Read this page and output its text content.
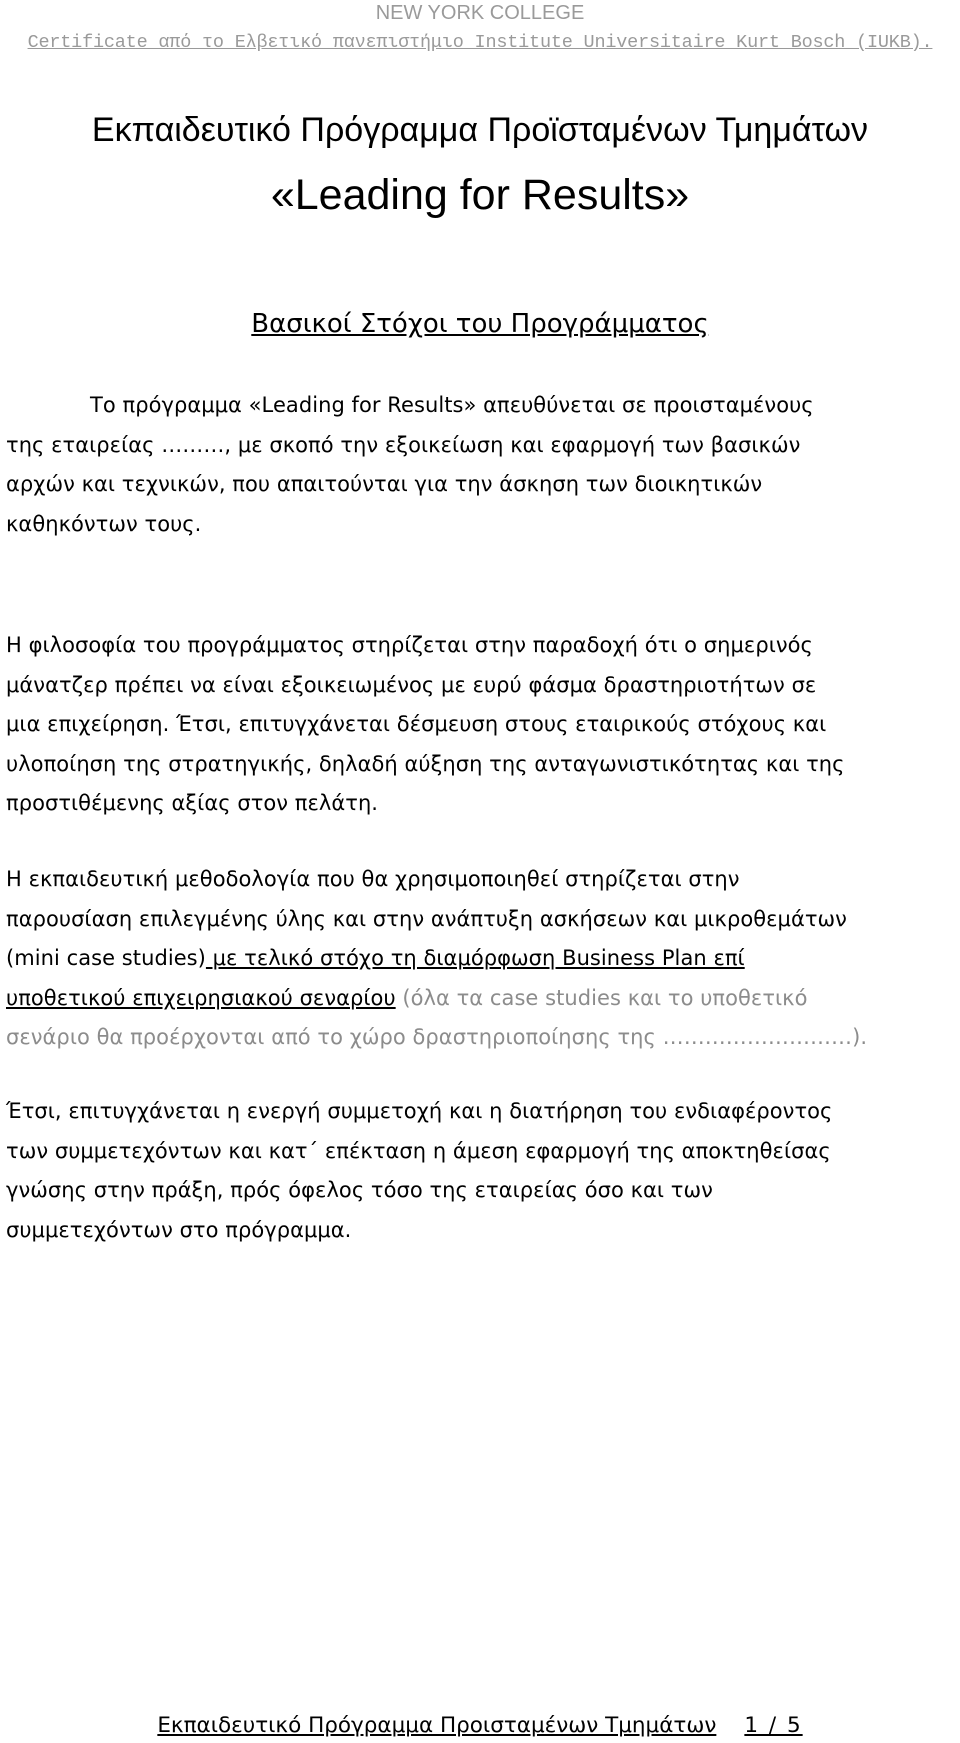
NEW YORK COLLEGE
Certificate από το Ελβετικό πανεπιστήμιο Institute Universitaire Kurt Bosch (IUKB).
Εκπαιδευτικό Πρόγραμμα Προϊσταμένων Τμημάτων
«Leading for Results»
Βασικοί Στόχοι του Προγράμματος
Το πρόγραμμα «Leading for Results» απευθύνεται σε προισταμένους
της εταιρείας ………, με σκοπό την εξοικείωση και εφαρμογή των βασικών
αρχών και τεχνικών, που απαιτούνται για την άσκηση των διοικητικών
καθηκόντων τους.
Η φιλοσοφία του προγράμματος στηρίζεται στην παραδοχή ότι ο σημερινός
μάνατζερ πρέπει να είναι εξοικειωμένος με ευρύ φάσμα δραστηριοτήτων σε
μια επιχείρηση. Έτσι, επιτυγχάνεται δέσμευση στους εταιρικούς στόχους και
υλοποίηση της στρατηγικής, δηλαδή αύξηση της ανταγωνιστικότητας και της
προστιθέμενης αξίας στον πελάτη.
Η εκπαιδευτική μεθοδολογία που θα χρησιμοποιηθεί στηρίζεται στην
παρουσίαση επιλεγμένης ύλης και στην ανάπτυξη ασκήσεων και μικροθεμάτων
(mini case studies) με τελικό στόχο τη διαμόρφωση Business Plan επί
υποθετικού επιχειρησιακού σεναρίου (όλα τα case studies και το υποθετικό
σενάριο θα προέρχονται από το χώρο δραστηριοποίησης της ………………………).
Έτσι, επιτυγχάνεται η ενεργή συμμετοχή και η διατήρηση του ενδιαφέροντος
των συμμετεχόντων και κατ΄ επέκταση η άμεση εφαρμογή της αποκτηθείσας
γνώσης στην πράξη, πρός όφελος τόσο της εταιρείας όσο και των
συμμετεχόντων στο πρόγραμμα.
Εκπαιδευτικό Πρόγραμμα Προισταμένων Τμημάτων 1 / 5
